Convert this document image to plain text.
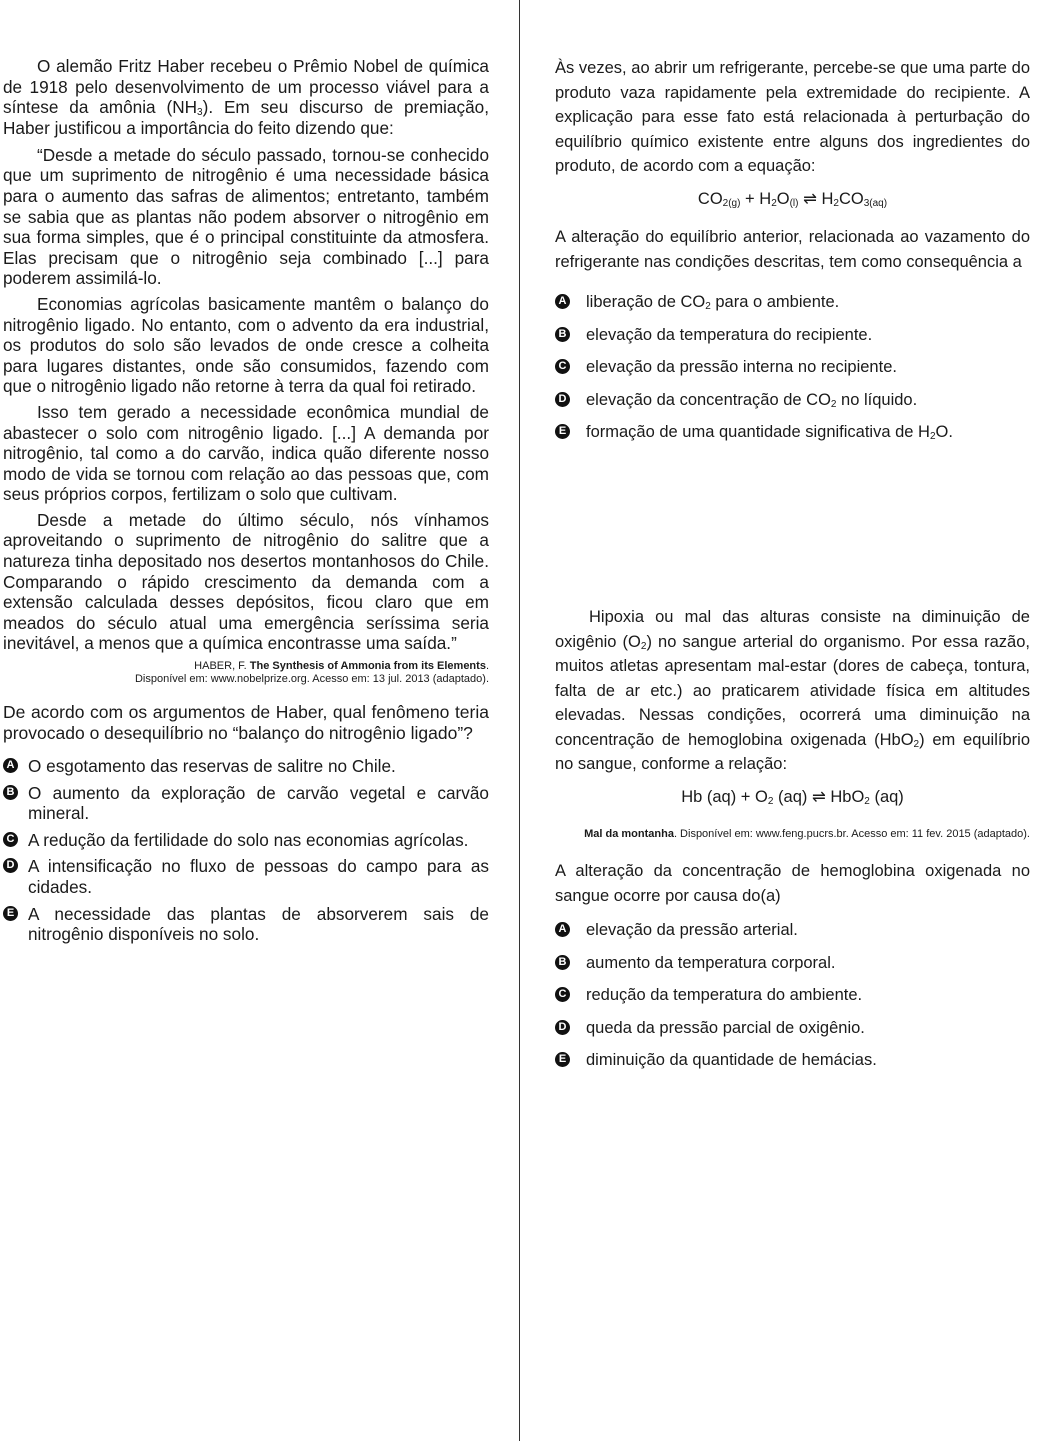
O alemão Fritz Haber recebeu o Prêmio Nobel de química de 1918 pelo desenvolvimento de um processo viável para a síntese da amônia $(NH_3)$. Em seu discurso de premiação, Haber justificou a importância do feito dizendo que:

“Desde a metade do século passado, tornou-se conhecido que um suprimento de nitrogênio é uma necessidade básica para o aumento das safras de alimentos; entretanto, também se sabia que as plantas não podem absorver o nitrogênio em sua forma simples, que é o principal constituinte da atmosfera. Elas precisam que o nitrogênio seja combinado [...] para poderem assimilá-lo.

Economias agrícolas basicamente mantêm o balanço do nitrogênio ligado. No entanto, com o advento da era industrial, os produtos do solo são levados de onde cresce a colheita para lugares distantes, onde são consumidos, fazendo com que o nitrogênio ligado não retorne à terra da qual foi retirado.

Isso tem gerado a necessidade econômica mundial de abastecer o solo com nitrogênio ligado. [...] A demanda por nitrogênio, tal como a do carvão, indica quão diferente nosso modo de vida se tornou com relação ao das pessoas que, com seus próprios corpos, fertilizam o solo que cultivam.

Desde a metade do último século, nós vínhamos aproveitando o suprimento de nitrogênio do salitre que a natureza tinha depositado nos desertos montanhosos do Chile. Comparando o rápido crescimento da demanda com a extensão calculada desses depósitos, ficou claro que em meados do século atual uma emergência seríssima seria inevitável, a menos que a química encontrasse uma saída.”

HABER, F. The Synthesis of Ammonia from its Elements.
Disponível em: www.nobelprize.org. Acesso em: 13 jul. 2013 (adaptado).

De acordo com os argumentos de Haber, qual fenômeno teria provocado o desequilíbrio no “balanço do nitrogênio ligado”?

A O esgotamento das reservas de salitre no Chile.
B O aumento da exploração de carvão vegetal e carvão mineral.
C A redução da fertilidade do solo nas economias agrícolas.
D A intensificação no fluxo de pessoas do campo para as cidades.
E A necessidade das plantas de absorverem sais de nitrogênio disponíveis no solo.

Às vezes, ao abrir um refrigerante, percebe-se que uma parte do produto vaza rapidamente pela extremidade do recipiente. A explicação para esse fato está relacionada à perturbação do equilíbrio químico existente entre alguns dos ingredientes do produto, de acordo com a equação:

$CO_{2(g)} + H_2O_{(l)}$ ⇌ $H_2CO_{3(aq)}$

A alteração do equilíbrio anterior, relacionada ao vazamento do refrigerante nas condições descritas, tem como consequência a

A liberação de $CO_2$ para o ambiente.
B elevação da temperatura do recipiente.
C elevação da pressão interna no recipiente.
D elevação da concentração de $CO_2$ no líquido.
E formação de uma quantidade significativa de $H_2O$.

Hipoxia ou mal das alturas consiste na diminuição de oxigênio $(O_2)$ no sangue arterial do organismo. Por essa razão, muitos atletas apresentam mal-estar (dores de cabeça, tontura, falta de ar etc.) ao praticarem atividade física em altitudes elevadas. Nessas condições, ocorrerá uma diminuição na concentração de hemoglobina oxigenada (HbO$_2$) em equilíbrio no sangue, conforme a relação:

Hb $(aq) + O_2$ (aq) ⇌ HbO$_2$ (aq)

Mal da montanha. Disponível em: www.feng.pucrs.br. Acesso em: 11 fev. 2015 (adaptado).

A alteração da concentração de hemoglobina oxigenada no sangue ocorre por causa do(a)

A elevação da pressão arterial.
B aumento da temperatura corporal.
C redução da temperatura do ambiente.
D queda da pressão parcial de oxigênio.
E diminuição da quantidade de hemácias.
